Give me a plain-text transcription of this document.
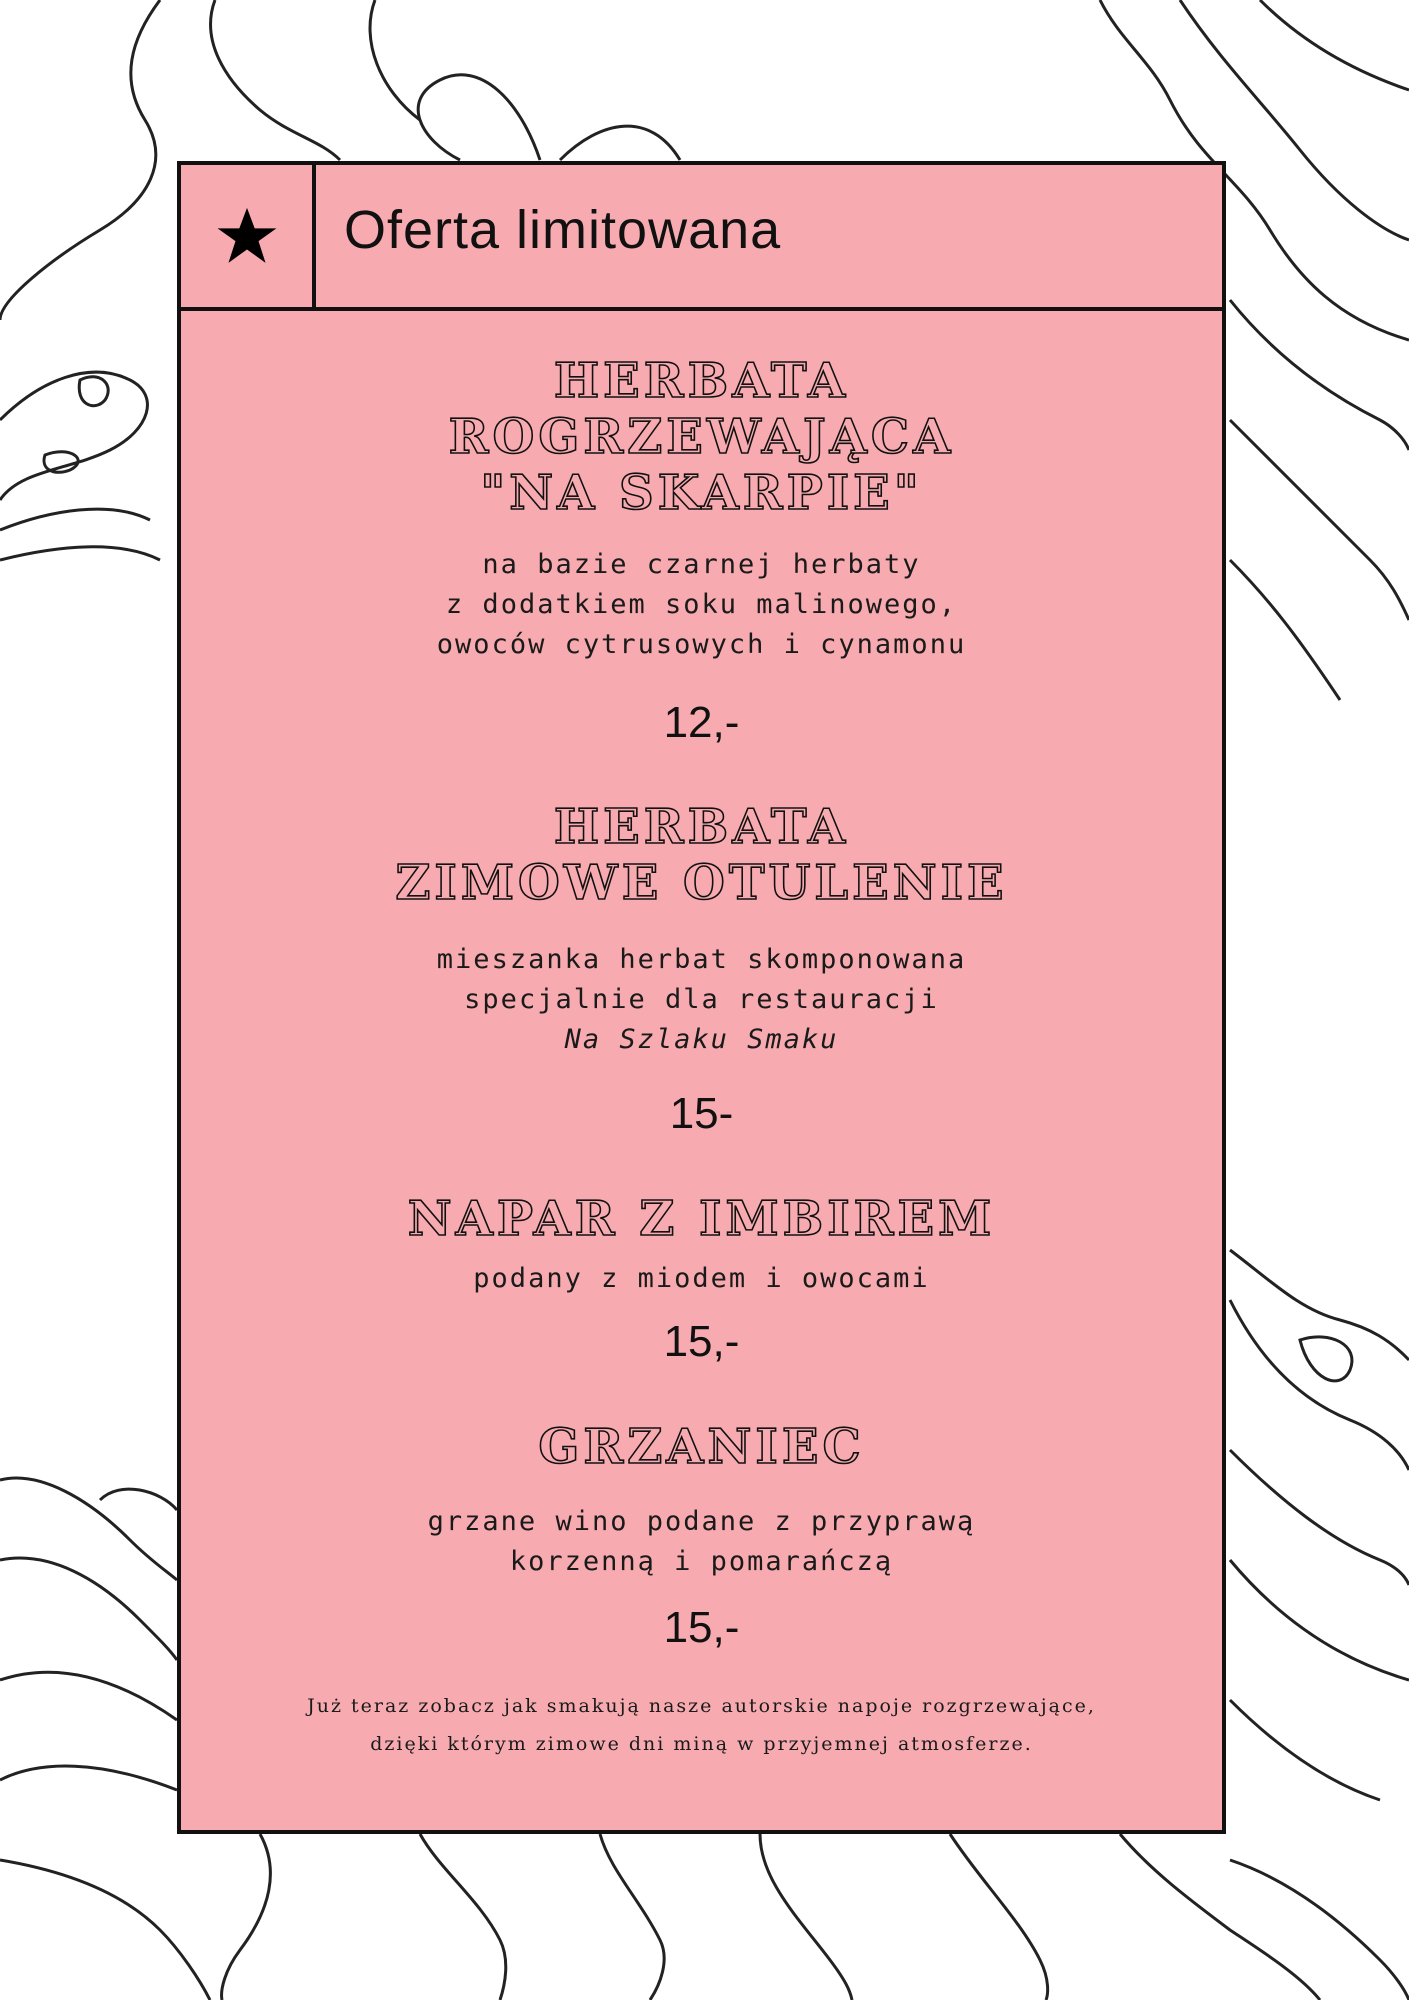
Oferta limitowana
HERBATA
ROGRZEWAJĄCA
"NA SKARPIE"
na bazie czarnej herbaty
z dodatkiem soku malinowego,
owoców cytrusowych i cynamonu
12,-
HERBATA
ZIMOWE OTULENIE
mieszanka herbat skomponowana
specjalnie dla restauracji
Na Szlaku Smaku
15-
NAPAR Z IMBIREM
podany z miodem i owocami
15,-
GRZANIEC
grzane wino podane z przyprawą
korzenną i pomarańczą
15,-
Już teraz zobacz jak smakują nasze autorskie napoje rozgrzewające,
dzięki którym zimowe dni miną w przyjemnej atmosferze.
